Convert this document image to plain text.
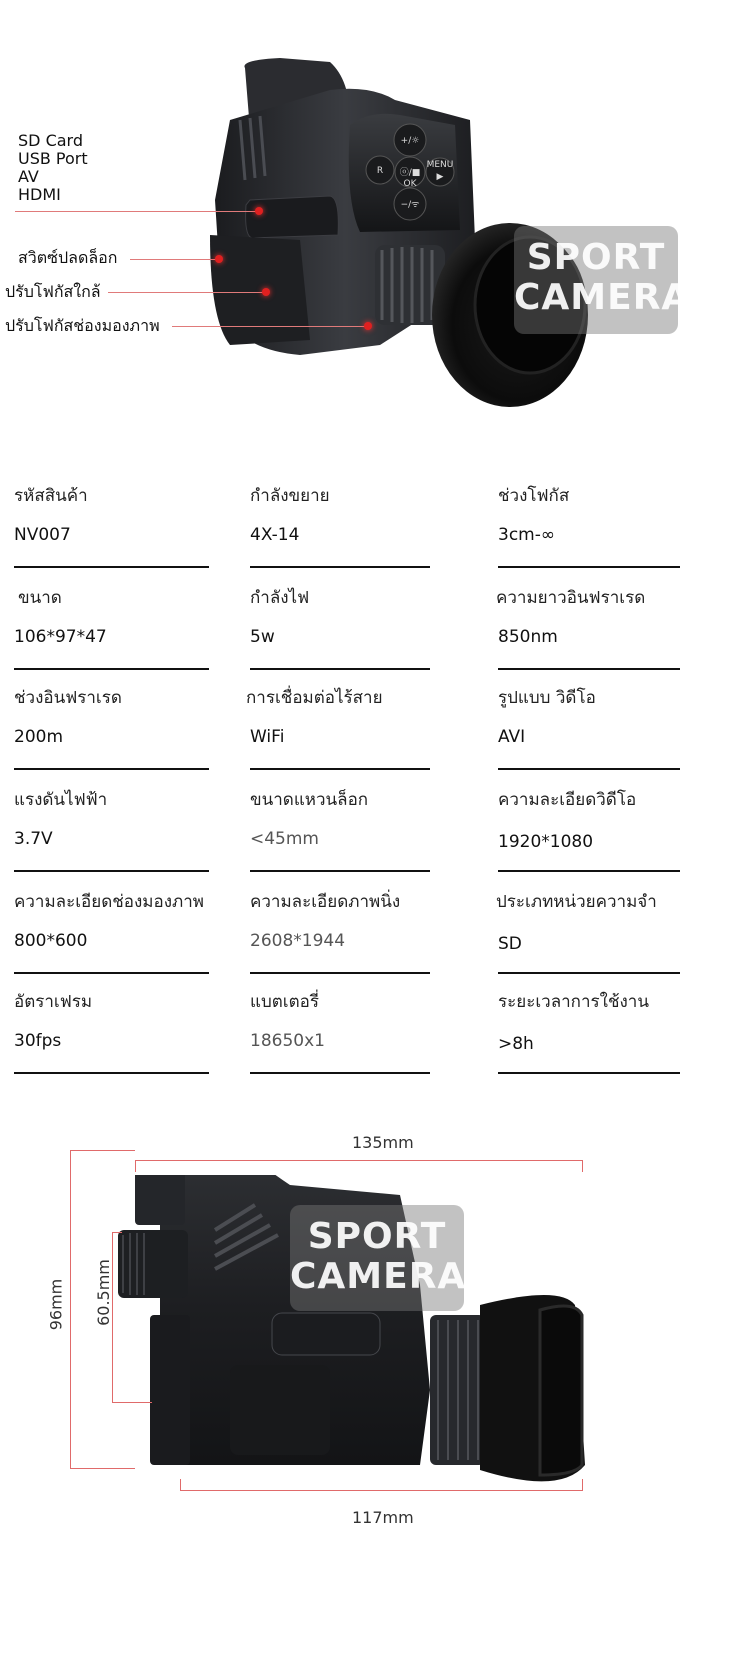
+/☼
R ⓞ/■
MENU
▶
OK
−/ᯤ
SD Card
USB Port
AV
HDMI
สวิตซ์ปลดล็อก
ปรับโฟกัสใกล้
ปรับโฟกัสช่องมองภาพ
SPORT
CAMERA
รหัสสินค้า
NV007
กำลังขยาย
4X-14
ช่วงโฟกัส
3cm-∞
ขนาด
106*97*47
กำลังไฟ
5w
ความยาวอินฟราเรด
850nm
ช่วงอินฟราเรด
200m
การเชื่อมต่อไร้สาย
WiFi
รูปแบบ วิดีโอ
AVI
แรงดันไฟฟ้า
3.7V
ขนาดแหวนล็อก
<45mm
ความละเอียดวิดีโอ
1920*1080
ความละเอียดช่องมองภาพ
800*600
ความละเอียดภาพนิ่ง
2608*1944
ประเภทหน่วยความจำ
SD
อัตราเฟรม
30fps
แบตเตอรี่
18650x1
ระยะเวลาการใช้งาน
>8h
135mm
96mm 60.5mm
117mm
SPORT
CAMERA
